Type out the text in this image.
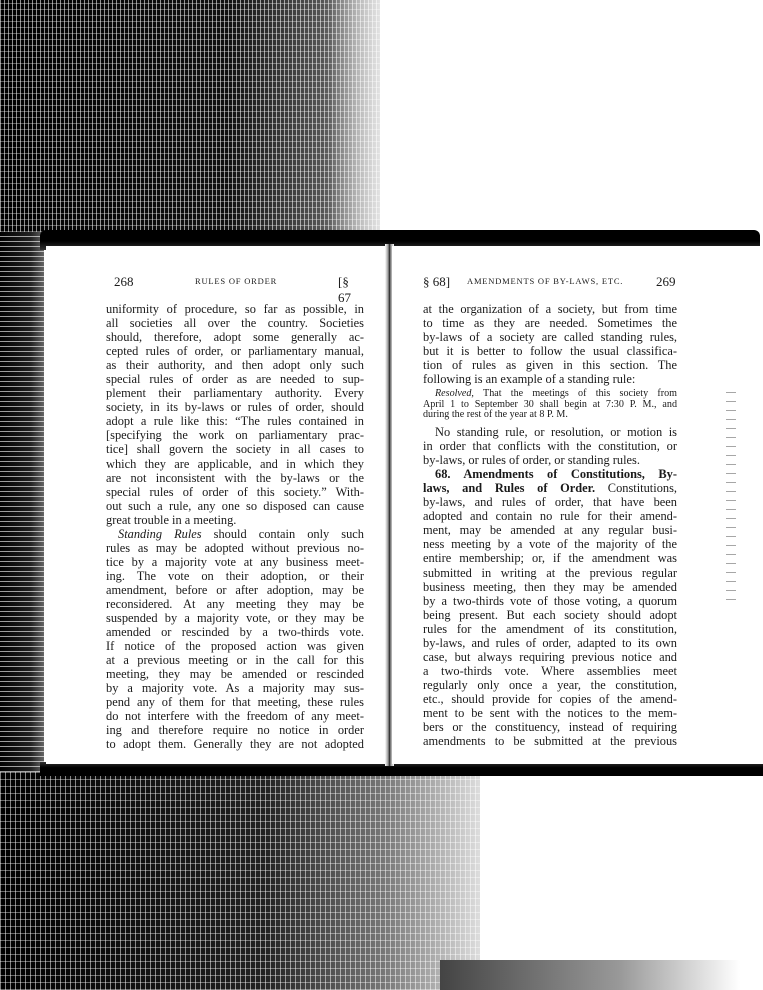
268	RULES OF ORDER	[§ 67
uniformity of procedure, so far as possible, in
all societies all over the country. Societies
should, therefore, adopt some generally ac-
cepted rules of order, or parliamentary manual,
as their authority, and then adopt only such
special rules of order as are needed to sup-
plement their parliamentary authority. Every
society, in its by-laws or rules of order, should
adopt a rule like this: “The rules contained in
[specifying the work on parliamentary prac-
tice] shall govern the society in all cases to
which they are applicable, and in which they
are not inconsistent with the by-laws or the
special rules of order of this society.” With-
out such a rule, any one so disposed can cause
great trouble in a meeting.
Standing Rules should contain only such
rules as may be adopted without previous no-
tice by a majority vote at any business meet-
ing. The vote on their adoption, or their
amendment, before or after adoption, may be
reconsidered. At any meeting they may be
suspended by a majority vote, or they may be
amended or rescinded by a two-thirds vote.
If notice of the proposed action was given
at a previous meeting or in the call for this
meeting, they may be amended or rescinded
by a majority vote. As a majority may sus-
pend any of them for that meeting, these rules
do not interfere with the freedom of any meet-
ing and therefore require no notice in order
to adopt them. Generally they are not adopted
§ 68] AMENDMENTS OF BY-LAWS, ETC.	269
at the organization of a society, but from time
to time as they are needed. Sometimes the
by-laws of a society are called standing rules,
but it is better to follow the usual classifica-
tion of rules as given in this section. The
following is an example of a standing rule:
Resolved, That the meetings of this society from
April 1 to September 30 shall begin at 7:30 P. M., and
during the rest of the year at 8 P. M.
No standing rule, or resolution, or motion is
in order that conflicts with the constitution, or
by-laws, or rules of order, or standing rules.
68. Amendments of Constitutions, By-
laws, and Rules of Order. Constitutions,
by-laws, and rules of order, that have been
adopted and contain no rule for their amend-
ment, may be amended at any regular busi-
ness meeting by a vote of the majority of the
entire membership; or, if the amendment was
submitted in writing at the previous regular
business meeting, then they may be amended
by a two-thirds vote of those voting, a quorum
being present. But each society should adopt
rules for the amendment of its constitution,
by-laws, and rules of order, adapted to its own
case, but always requiring previous notice and
a two-thirds vote. Where assemblies meet
regularly only once a year, the constitution,
etc., should provide for copies of the amend-
ment to be sent with the notices to the mem-
bers or the constituency, instead of requiring
amendments to be submitted at the previous
